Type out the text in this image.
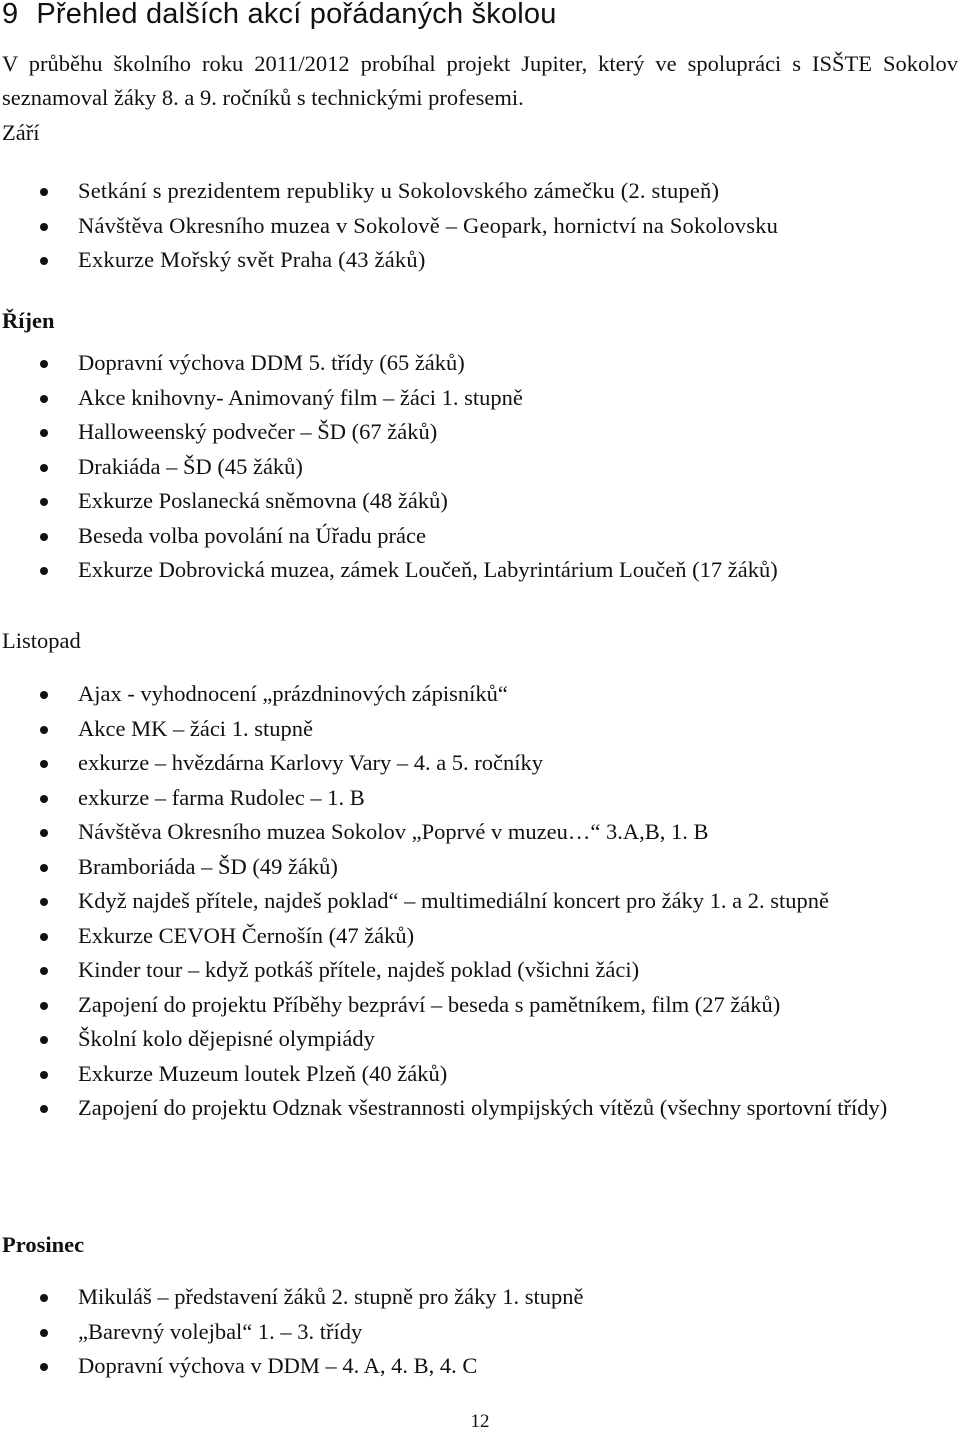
9 Přehled dalších akcí pořádaných školou

V průběhu školního roku 2011/2012 probíhal projekt Jupiter, který ve spolupráci s ISŠTE Sokolov seznamoval žáky 8. a 9. ročníků s technickými profesemi.

Září
Setkání s prezidentem republiky u Sokolovského zámečku (2. stupeň)
Návštěva Okresního muzea v Sokolově – Geopark, hornictví na Sokolovsku
Exkurze Mořský svět Praha (43 žáků)
Říjen
Dopravní výchova DDM 5. třídy (65 žáků)
Akce knihovny- Animovaný film – žáci 1. stupně
Halloweenský podvečer – ŠD (67 žáků)
Drakiáda – ŠD (45 žáků)
Exkurze Poslanecká sněmovna (48 žáků)
Beseda volba povolání na Úřadu práce
Exkurze Dobrovická muzea, zámek Loučeň, Labyrintárium Loučeň (17 žáků)
Listopad
Ajax - vyhodnocení „prázdninových zápisníků“
Akce MK – žáci 1. stupně
exkurze – hvězdárna Karlovy Vary – 4. a 5. ročníky
exkurze – farma Rudolec – 1. B
Návštěva Okresního muzea Sokolov „Poprvé v muzeu…“ 3.A,B, 1. B
Bramboriáda – ŠD (49 žáků)
Když najdeš přítele, najdeš poklad“ – multimediální koncert pro žáky 1. a 2. stupně
Exkurze CEVOH Černošín (47 žáků)
Kinder tour – když potkáš přítele, najdeš poklad (všichni žáci)
Zapojení do projektu Příběhy bezpráví – beseda s pamětníkem, film (27 žáků)
Školní kolo dějepisné olympiády
Exkurze Muzeum loutek Plzeň (40 žáků)
Zapojení do projektu Odznak všestrannosti olympijských vítězů (všechny sportovní třídy)
Prosinec
Mikuláš – představení žáků 2. stupně pro žáky 1. stupně
„Barevný volejbal“ 1. – 3. třídy
Dopravní výchova v DDM – 4. A, 4. B, 4. C
12
